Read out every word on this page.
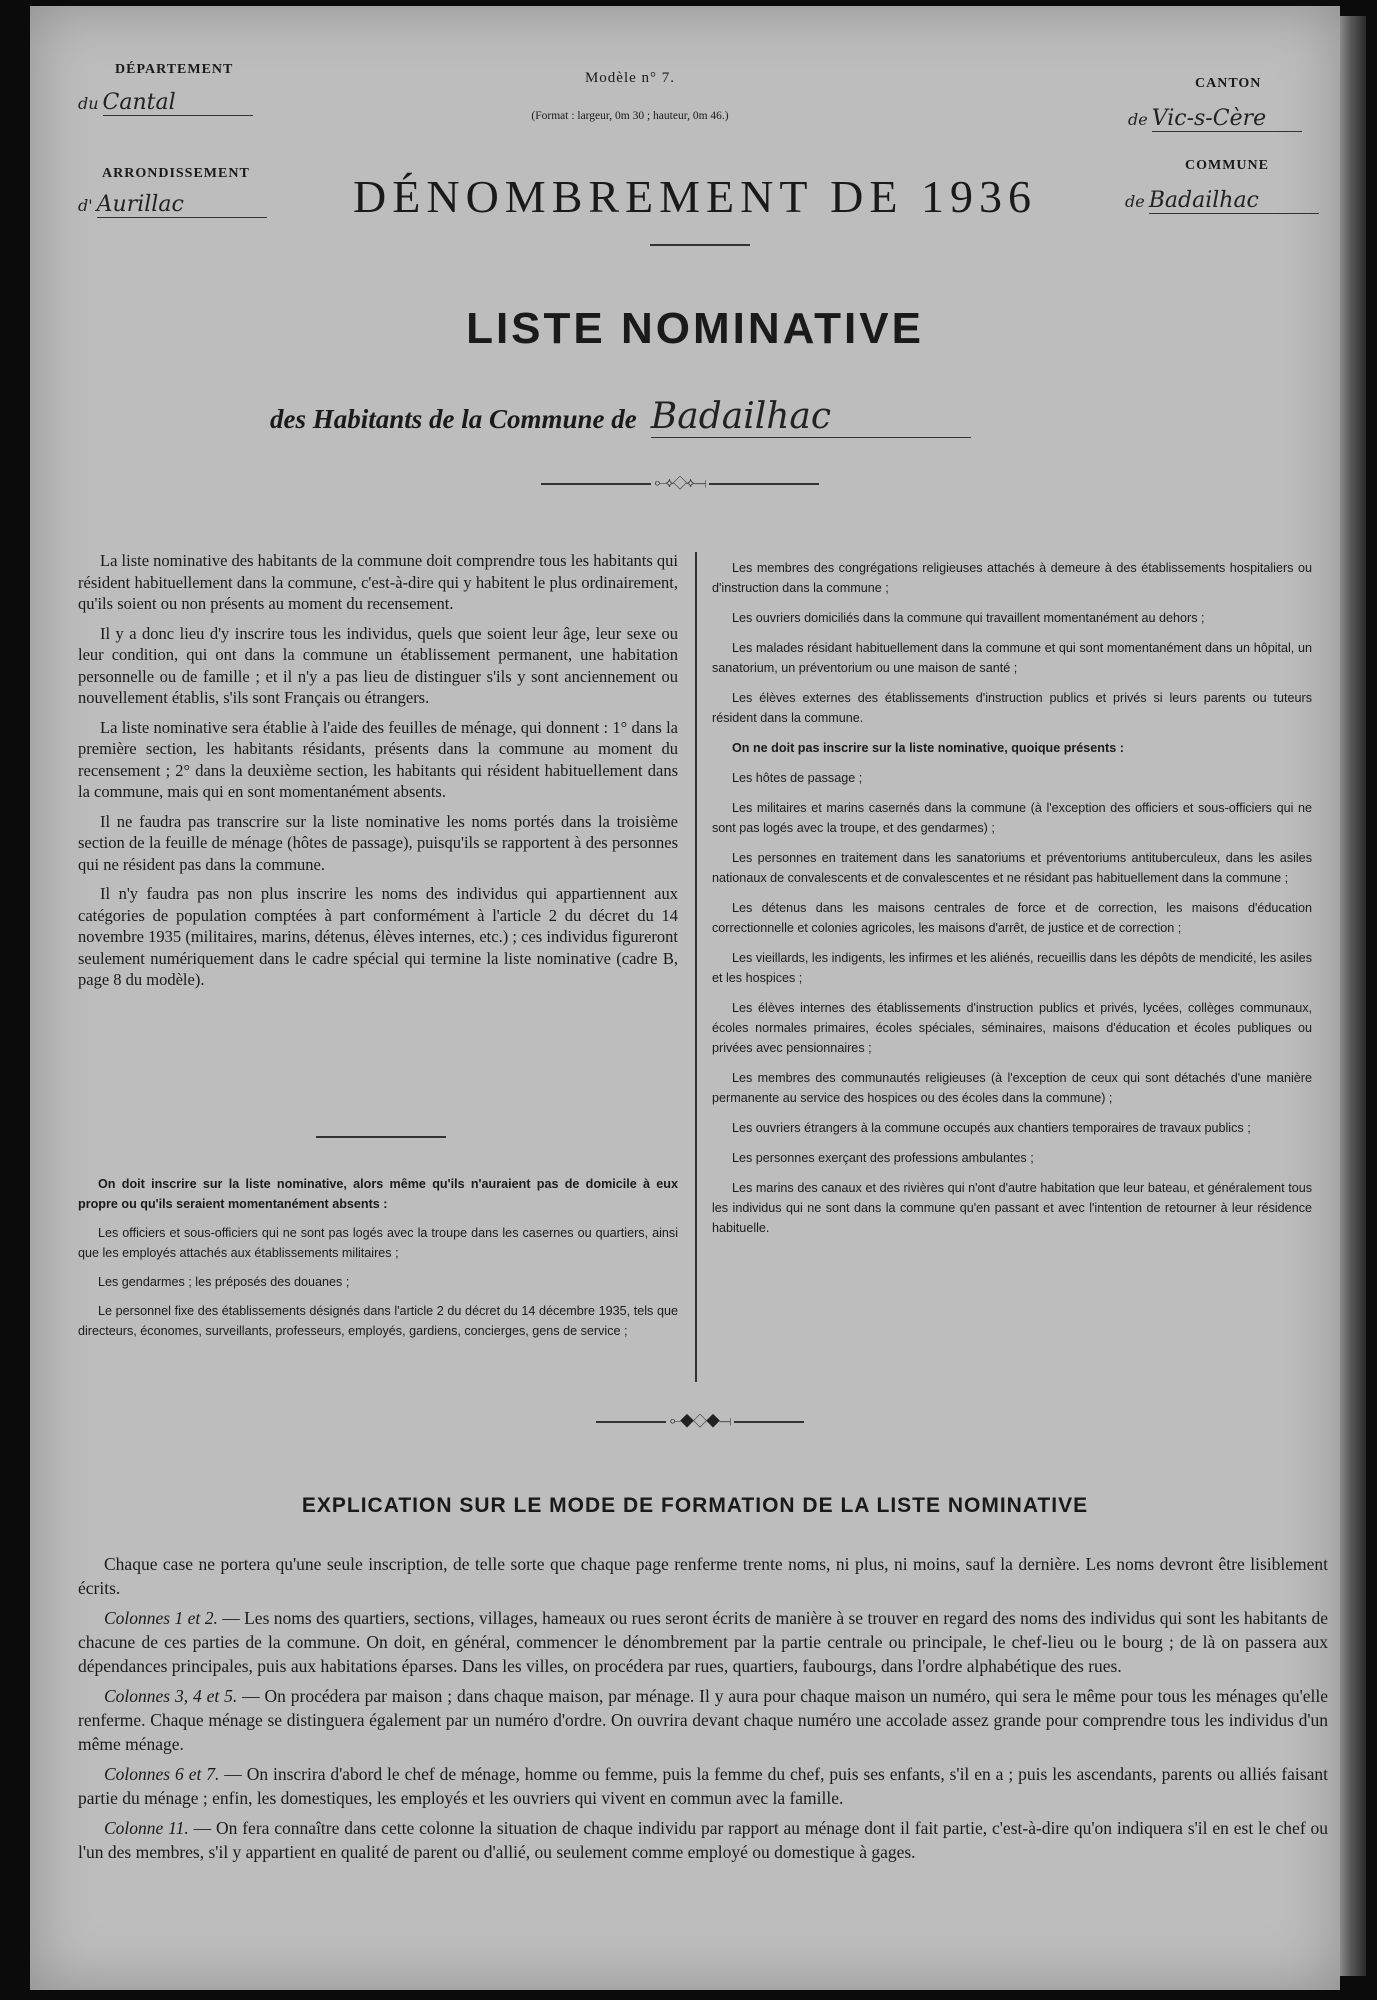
DÉPARTEMENT
du Cantal
ARRONDISSEMENT
d' Aurillac
Modèle n° 7.
(Format : largeur, 0m 30 ; hauteur, 0m 46.)
CANTON
de Vic-s-Cère
COMMUNE
de Badailhac
DÉNOMBREMENT DE 1936
LISTE NOMINATIVE
des Habitants de la Commune de Badailhac
⟜⟡◇⟡⟞

La liste nominative des habitants de la commune doit comprendre tous les habitants qui résident habituellement dans la commune, c'est-à-dire qui y habitent le plus ordinairement, qu'ils soient ou non présents au moment du recensement.

Il y a donc lieu d'y inscrire tous les individus, quels que soient leur âge, leur sexe ou leur condition, qui ont dans la commune un établissement permanent, une habitation personnelle ou de famille ; et il n'y a pas lieu de distinguer s'ils y sont anciennement ou nouvellement établis, s'ils sont Français ou étrangers.

La liste nominative sera établie à l'aide des feuilles de ménage, qui donnent : 1° dans la première section, les habitants résidants, présents dans la commune au moment du recensement ; 2° dans la deuxième section, les habitants qui résident habituellement dans la commune, mais qui en sont momentanément absents.

Il ne faudra pas transcrire sur la liste nominative les noms portés dans la troisième section de la feuille de ménage (hôtes de passage), puisqu'ils se rapportent à des personnes qui ne résident pas dans la commune.

Il n'y faudra pas non plus inscrire les noms des individus qui appartiennent aux catégories de population comptées à part conformément à l'article 2 du décret du 14 novembre 1935 (militaires, marins, détenus, élèves internes, etc.) ; ces individus figureront seulement numériquement dans le cadre spécial qui termine la liste nominative (cadre B, page 8 du modèle).

On doit inscrire sur la liste nominative, alors même qu'ils n'auraient pas de domicile à eux propre ou qu'ils seraient momentanément absents :

Les officiers et sous-officiers qui ne sont pas logés avec la troupe dans les casernes ou quartiers, ainsi que les employés attachés aux établissements militaires ;

Les gendarmes ; les préposés des douanes ;

Le personnel fixe des établissements désignés dans l'article 2 du décret du 14 décembre 1935, tels que directeurs, économes, surveillants, professeurs, employés, gardiens, concierges, gens de service ;

Les membres des congrégations religieuses attachés à demeure à des établissements hospitaliers ou d'instruction dans la commune ;

Les ouvriers domiciliés dans la commune qui travaillent momentanément au dehors ;

Les malades résidant habituellement dans la commune et qui sont momentanément dans un hôpital, un sanatorium, un préventorium ou une maison de santé ;

Les élèves externes des établissements d'instruction publics et privés si leurs parents ou tuteurs résident dans la commune.

On ne doit pas inscrire sur la liste nominative, quoique présents :

Les hôtes de passage ;

Les militaires et marins casernés dans la commune (à l'exception des officiers et sous-officiers qui ne sont pas logés avec la troupe, et des gendarmes) ;

Les personnes en traitement dans les sanatoriums et préventoriums antituberculeux, dans les asiles nationaux de convalescents et de convalescentes et ne résidant pas habituellement dans la commune ;

Les détenus dans les maisons centrales de force et de correction, les maisons d'éducation correctionnelle et colonies agricoles, les maisons d'arrêt, de justice et de correction ;

Les vieillards, les indigents, les infirmes et les aliénés, recueillis dans les dépôts de mendicité, les asiles et les hospices ;

Les élèves internes des établissements d'instruction publics et privés, lycées, collèges communaux, écoles normales primaires, écoles spéciales, séminaires, maisons d'éducation et écoles publiques ou privées avec pensionnaires ;

Les membres des communautés religieuses (à l'exception de ceux qui sont détachés d'une manière permanente au service des hospices ou des écoles dans la commune) ;

Les ouvriers étrangers à la commune occupés aux chantiers temporaires de travaux publics ;

Les personnes exerçant des professions ambulantes ;

Les marins des canaux et des rivières qui n'ont d'autre habitation que leur bateau, et généralement tous les individus qui ne sont dans la commune qu'en passant et avec l'intention de retourner à leur résidence habituelle.

⟜◆◇◆⟞
EXPLICATION SUR LE MODE DE FORMATION DE LA LISTE NOMINATIVE

Chaque case ne portera qu'une seule inscription, de telle sorte que chaque page renferme trente noms, ni plus, ni moins, sauf la dernière. Les noms devront être lisiblement écrits.

Colonnes 1 et 2. — Les noms des quartiers, sections, villages, hameaux ou rues seront écrits de manière à se trouver en regard des noms des individus qui sont les habitants de chacune de ces parties de la commune. On doit, en général, commencer le dénombrement par la partie centrale ou principale, le chef-lieu ou le bourg ; de là on passera aux dépendances principales, puis aux habitations éparses. Dans les villes, on procédera par rues, quartiers, faubourgs, dans l'ordre alphabétique des rues.

Colonnes 3, 4 et 5. — On procédera par maison ; dans chaque maison, par ménage. Il y aura pour chaque maison un numéro, qui sera le même pour tous les ménages qu'elle renferme. Chaque ménage se distinguera également par un numéro d'ordre. On ouvrira devant chaque numéro une accolade assez grande pour comprendre tous les individus d'un même ménage.

Colonnes 6 et 7. — On inscrira d'abord le chef de ménage, homme ou femme, puis la femme du chef, puis ses enfants, s'il en a ; puis les ascendants, parents ou alliés faisant partie du ménage ; enfin, les domestiques, les employés et les ouvriers qui vivent en commun avec la famille.

Colonne 11. — On fera connaître dans cette colonne la situation de chaque individu par rapport au ménage dont il fait partie, c'est-à-dire qu'on indiquera s'il en est le chef ou l'un des membres, s'il y appartient en qualité de parent ou d'allié, ou seulement comme employé ou domestique à gages.
